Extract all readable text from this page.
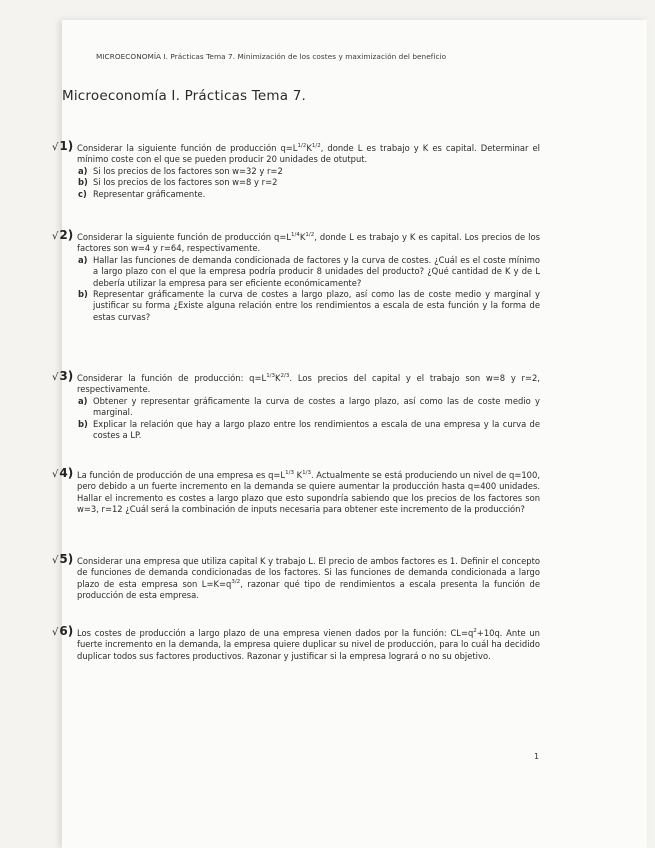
MICROECONOMÍA I. Prácticas Tema 7. Minimización de los costes y maximización del beneficio
Microeconomía I. Prácticas Tema 7.
√1) Considerar la siguiente función de producción $q=L^{1/2}K^{1/2}$, donde L es trabajo y K es capital. Determinar el mínimo coste con el que se pueden producir 20 unidades de otutput.
a) Si los precios de los factores son w=32 y r=2
b) Si los precios de los factores son w=8 y r=2
c) Representar gráficamente.
√2) Considerar la siguiente función de producción $q=L^{1/4}K^{1/2}$, donde L es trabajo y K es capital. Los precios de los factores son w=4 y r=64, respectivamente.
a) Hallar las funciones de demanda condicionada de factores y la curva de costes. ¿Cuál es el coste mínimo a largo plazo con el que la empresa podría producir 8 unidades del producto? ¿Qué cantidad de K y de L debería utilizar la empresa para ser eficiente económicamente?
b) Representar gráficamente la curva de costes a largo plazo, así como las de coste medio y marginal y justificar su forma ¿Existe alguna relación entre los rendimientos a escala de esta función y la forma de estas curvas?
√3) Considerar la función de producción: $q=L^{1/3}K^{2/3}$. Los precios del capital y el trabajo son w=8 y r=2, respectivamente.
a) Obtener y representar gráficamente la curva de costes a largo plazo, así como las de coste medio y marginal.
b) Explicar la relación que hay a largo plazo entre los rendimientos a escala de una empresa y la curva de costes a LP.
√4) La función de producción de una empresa es $q=L^{1/3}$ $K^{1/3}$. Actualmente se está produciendo un nivel de q=100, pero debido a un fuerte incremento en la demanda se quiere aumentar la producción hasta q=400 unidades. Hallar el incremento es costes a largo plazo que esto supondría sabiendo que los precios de los factores son w=3, r=12 ¿Cuál será la combinación de inputs necesaria para obtener este incremento de la producción?
√5) Considerar una empresa que utiliza capital K y trabajo L. El precio de ambos factores es 1. Definir el concepto de funciones de demanda condicionadas de los factores. Si las funciones de demanda condicionada a largo plazo de esta empresa son $L=K=q^{3/2}$, razonar qué tipo de rendimientos a escala presenta la función de producción de esta empresa.
√6) Los costes de producción a largo plazo de una empresa vienen dados por la función: $CL=q^2+10q$. Ante un fuerte incremento en la demanda, la empresa quiere duplicar su nivel de producción, para lo cuál ha decidido duplicar todos sus factores productivos. Razonar y justificar si la empresa logrará o no su objetivo.
1
